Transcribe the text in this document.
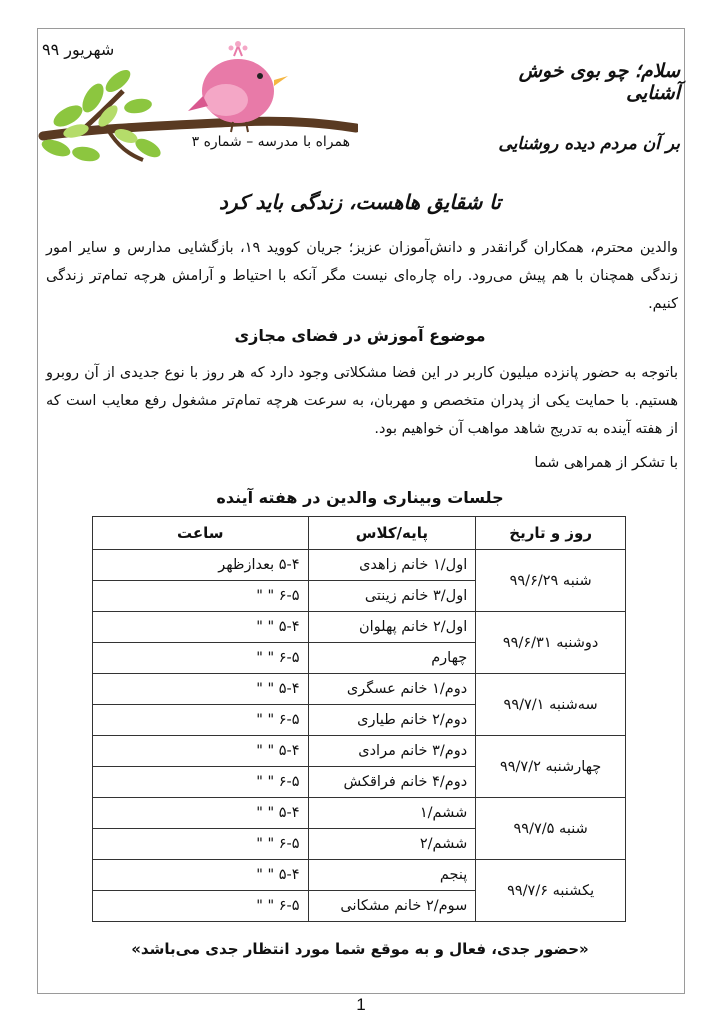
شهریور ۹۹
سلام؛ چو بوی خوش آشنایی
بر آن مردم دیده روشنایی
همراه با مدرسه – شماره ۳
تا شقایق هاهست، زندگی باید کرد
والدین محترم، همکاران گرانقدر و دانش‌آموزان عزیز؛ جریان کووید ۱۹، بازگشایی مدارس و سایر امور زندگی همچنان با هم پیش می‌رود. راه چاره‌ای نیست مگر آنکه با احتیاط و آرامش هرچه تمام‌تر زندگی کنیم.
موضوع آموزش در فضای مجازی
باتوجه به حضور پانزده میلیون کاربر در این فضا مشکلاتی وجود دارد که هر روز با نوع جدیدی از آن روبرو هستیم. با حمایت یکی از پدران متخصص و مهربان، به سرعت هرچه تمام‌تر مشغول رفع معایب است که از هفته آینده به تدریج شاهد مواهب آن خواهیم بود.
با تشکر از همراهی شما
جلسات وبیناری والدین در هفته آینده
روز و تاریخ	پایه/کلاس	ساعت
شنبه ۹۹/۶/۲۹	اول/۱ خانم زاهدی	۵-۴ بعدازظهر
	اول/۳ خانم زینتی	۶-۵ " "
دوشنبه ۹۹/۶/۳۱	اول/۲ خانم پهلوان	۵-۴ " "
	چهارم	۶-۵ " "
سه‌شنبه ۹۹/۷/۱	دوم/۱ خانم عسگری	۵-۴ " "
	دوم/۲ خانم طیاری	۶-۵ " "
چهارشنبه ۹۹/۷/۲	دوم/۳ خانم مرادی	۵-۴ " "
	دوم/۴ خانم فراقکش	۶-۵ " "
شنبه ۹۹/۷/۵	ششم/۱	۵-۴ " "
	ششم/۲	۶-۵ " "
یکشنبه ۹۹/۷/۶	پنجم	۵-۴ " "
	سوم/۲ خانم مشکانی	۶-۵ " "
«حضور جدی، فعال و به موقع شما مورد انتظار جدی می‌باشد»
1
